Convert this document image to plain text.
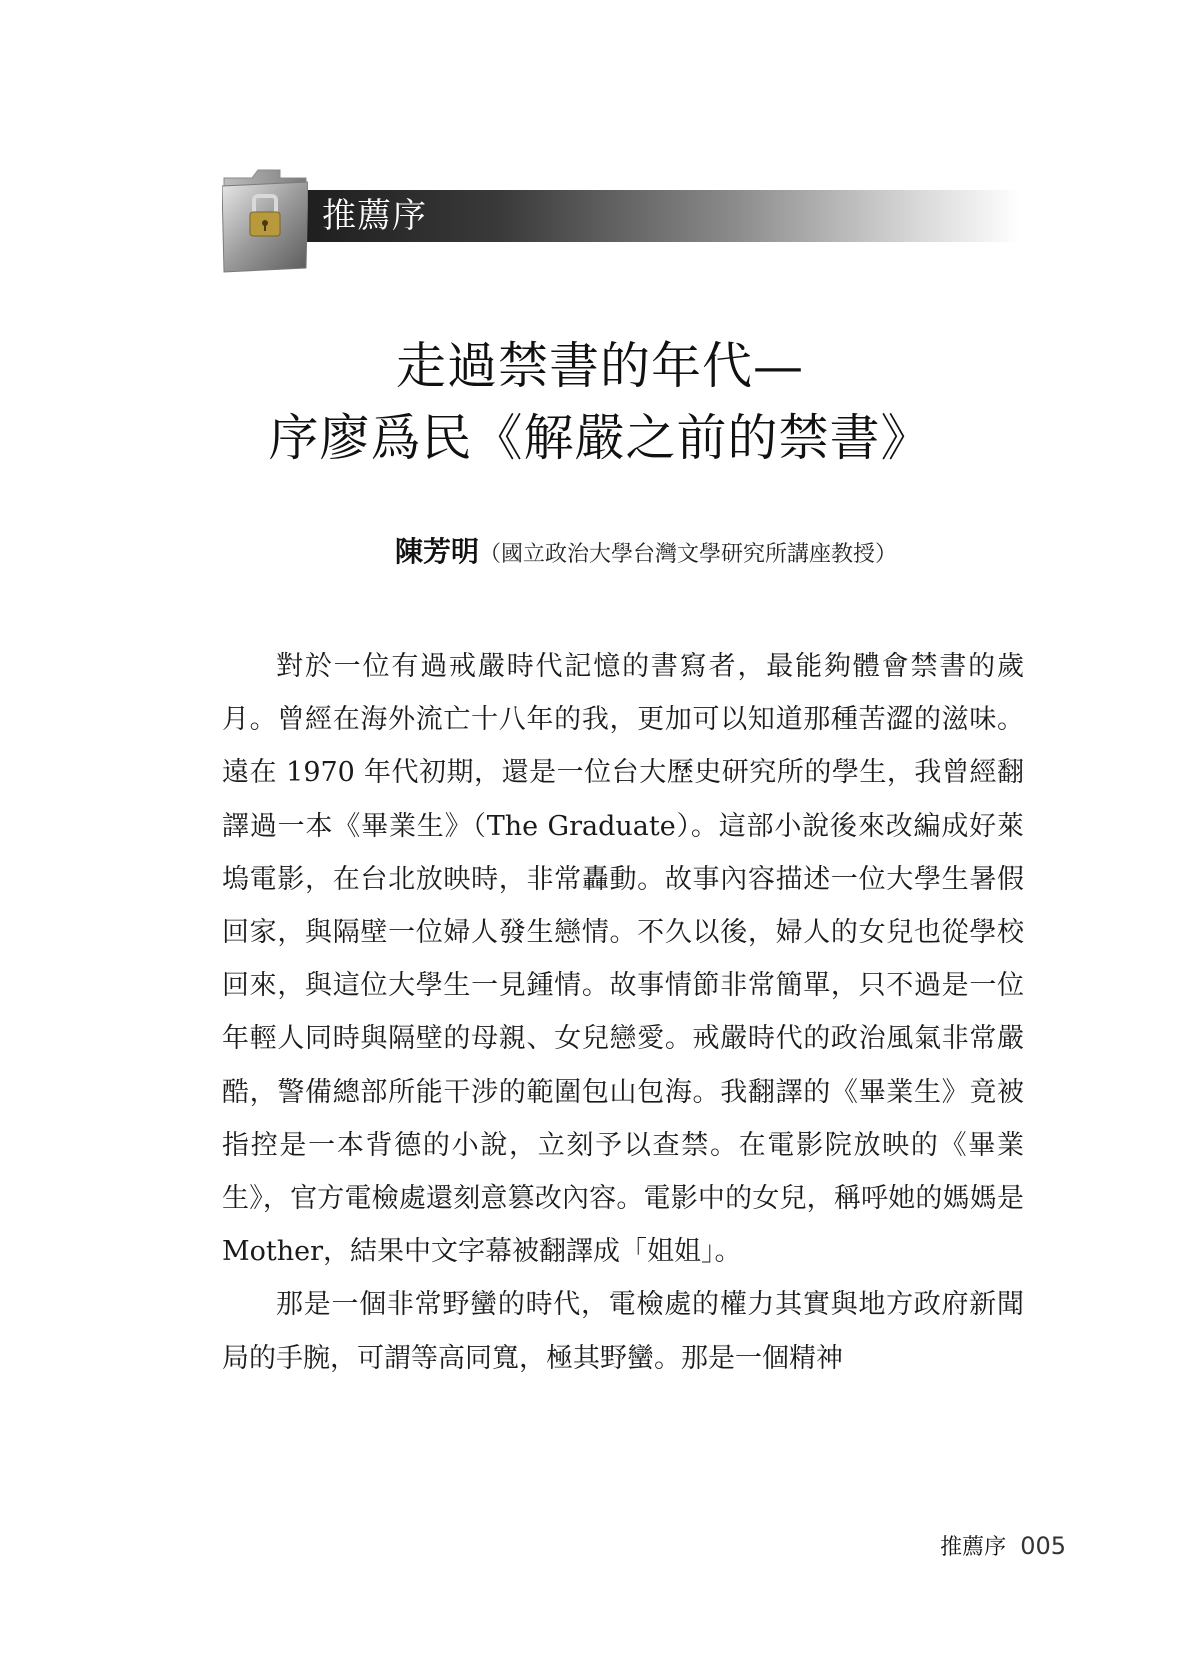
推薦序
走過禁書的年代—
序廖爲民《解嚴之前的禁書》
陳芳明（國立政治大學台灣文學研究所講座教授）

對於一位有過戒嚴時代記憶的書寫者，最能夠體會禁書的歲月。曾經在海外流亡十八年的我，更加可以知道那種苦澀的滋味。遠在 1970 年代初期，還是一位台大歷史研究所的學生，我曾經翻譯過一本《畢業生》（The Graduate）。這部小說後來改編成好萊塢電影，在台北放映時，非常轟動。故事內容描述一位大學生暑假回家，與隔壁一位婦人發生戀情。不久以後，婦人的女兒也從學校回來，與這位大學生一見鍾情。故事情節非常簡單，只不過是一位年輕人同時與隔壁的母親、女兒戀愛。戒嚴時代的政治風氣非常嚴酷，警備總部所能干涉的範圍包山包海。我翻譯的《畢業生》竟被指控是一本背德的小說，立刻予以查禁。在電影院放映的《畢業生》，官方電檢處還刻意篡改內容。電影中的女兒，稱呼她的媽媽是 Mother，結果中文字幕被翻譯成「姐姐」。

那是一個非常野蠻的時代，電檢處的權力其實與地方政府新聞局的手腕，可謂等高同寬，極其野蠻。那是一個精神

推薦序 005
